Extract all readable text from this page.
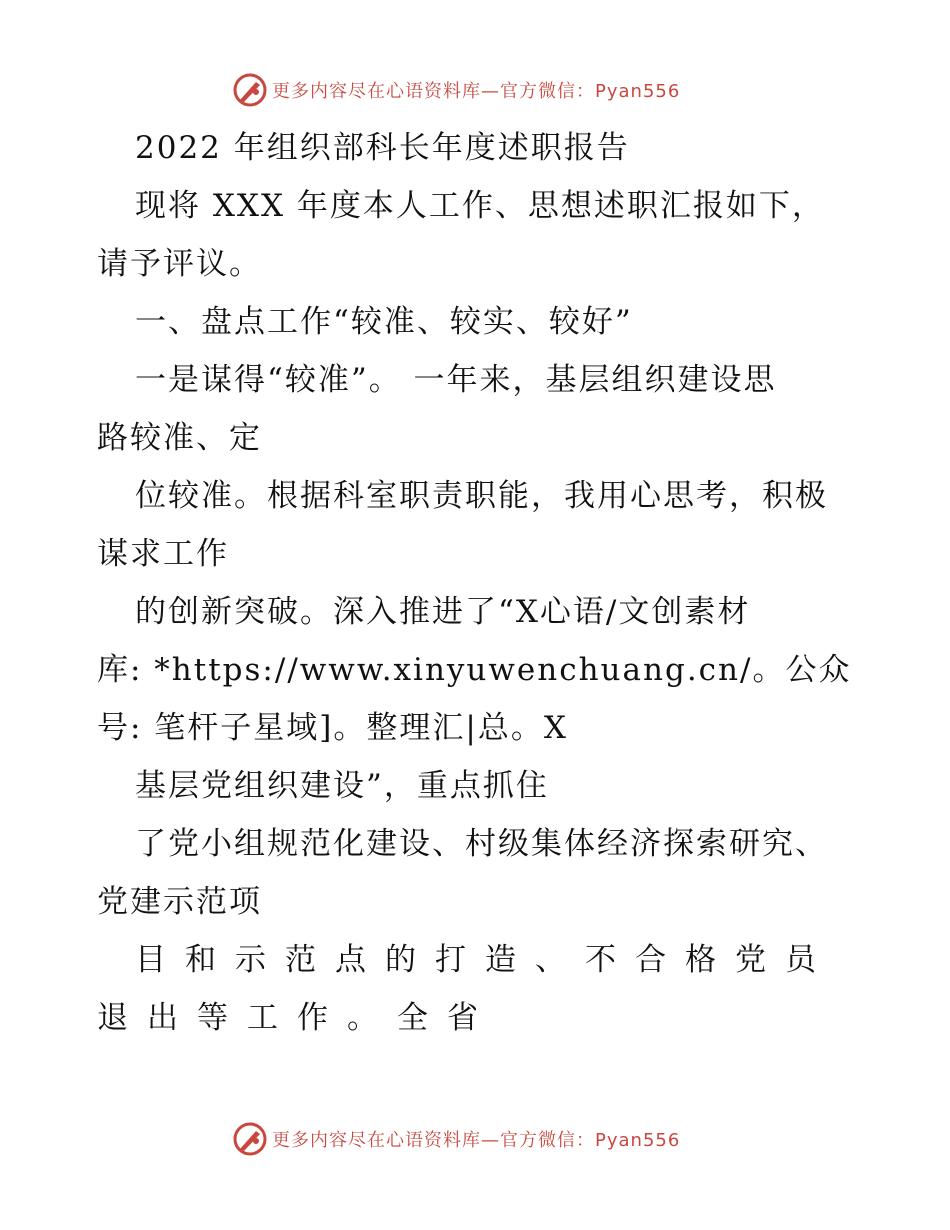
更多内容尽在心语资料库—官方微信：Pyan556
2022 年组织部科长年度述职报告
现将 XXX 年度本人工作、思想述职汇报如下，
请予评议。
一、盘点工作“较准、较实、较好”
一是谋得“较准”。 一年来，基层组织建设思
路较准、定
位较准。根据科室职责职能，我用心思考，积极
谋求工作
的创新突破。深入推进了“X心语/文创素材
库: *https://www.xinyuwenchuang.cn/。公众
号: 笔杆子星域]。整理汇|总。X
基层党组织建设”，重点抓住
了党小组规范化建设、村级集体经济探索研究、
党建示范项
目和示范点的打造、不合格党员
退出等工作。全省
更多内容尽在心语资料库—官方微信：Pyan556
